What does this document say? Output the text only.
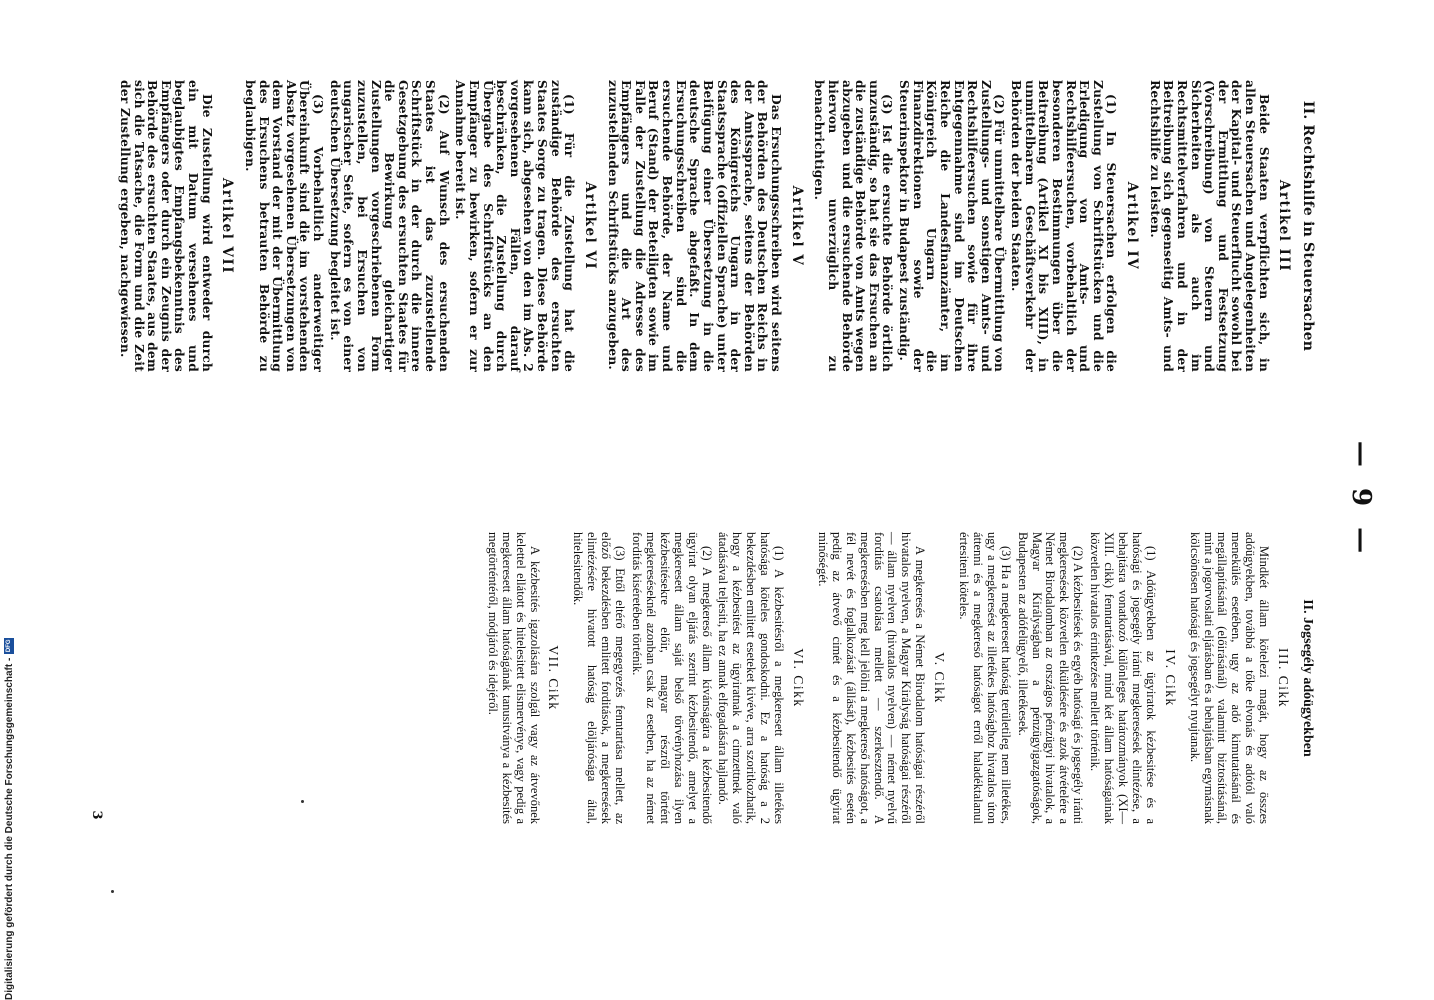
— 9 —
II. Rechtshilfe in Steuersachen
Artikel III

Beide Staaten verpflichten sich, in allen Steuersachen und Angelegenheiten der Kapital- und Steuerflucht sowohl bei der Ermittlung und Festsetzung (Vorschreibung) von Steuern und Sicherheiten als auch im Rechtsmittelverfahren und in der Beitreibung sich gegenseitig Amts- und Rechtshilfe zu leisten.

Artikel IV

(1) In Steuersachen erfolgen die Zustellung von Schriftstücken und die Erledigung von Amts- und Rechtshilfeersuchen, vorbehaltlich der besonderen Bestimmungen über die Beitreibung (Artikel XI bis XIII), in unmittelbarem Geschäftsverkehr der Behörden der beiden Staaten.

(2) Für unmittelbare Übermittlung von Zustellungs- und sonstigen Amts- und Rechtshilfeersuchen sowie für ihre Entgegennahme sind im Deutschen Reiche die Landesfinanzämter, im Königreich Ungarn die Finanzdirektionen sowie der Steuerinspektor in Budapest zuständig.

(3) Ist die ersuchte Behörde örtlich unzuständig, so hat sie das Ersuchen an die zuständige Behörde von Amts wegen abzugeben und die ersuchende Behörde hiervon unverzüglich zu benachrichtigen.

Artikel V

Das Ersuchungsschreiben wird seitens der Behörden des Deutschen Reichs in der Amtssprache, seitens der Behörden des Königreichs Ungarn in der Staatssprache (offiziellen Sprache) unter Beifügung einer Übersetzung in die deutsche Sprache abgefaßt. In dem Ersuchungsschreiben sind die ersuchende Behörde, der Name und Beruf (Stand) der Beteiligten sowie im Falle der Zustellung die Adresse des Empfängers und die Art des zuzustellenden Schriftstücks anzugeben.

Artikel VI

(1) Für die Zustellung hat die zuständige Behörde des ersuchten Staates Sorge zu tragen. Diese Behörde kann sich, abgesehen von den im Abs. 2 vorgesehenen Fällen, darauf beschränken, die Zustellung durch Übergabe des Schriftstücks an den Empfänger zu bewirken, sofern er zur Annahme bereit ist.

(2) Auf Wunsch des ersuchenden Staates ist das zuzustellende Schriftstück in der durch die innere Gesetzgebung des ersuchten Staates für die Bewirkung gleichartiger Zustellungen vorgeschriebenen Form zuzustellen, bei Ersuchen von ungarischer Seite, sofern es von einer deutschen Übersetzung begleitet ist.

(3) Vorbehaltlich anderweitiger Übereinkunft sind die im vorstehenden Absatz vorgesehenen Übersetzungen von dem Vorstand der mit der Übermittlung des Ersuchens betrauten Behörde zu beglaubigen.

Artikel VII

Die Zustellung wird entweder durch ein mit Datum versehenes und beglaubigtes Empfangsbekenntnis des Empfängers oder durch ein Zeugnis der Behörde des ersuchten Staates, aus dem sich die Tatsache, die Form und die Zeit der Zustellung ergeben, nachgewiesen.

II. Jogsegély adóügyekben
III. Cikk

Mindkét állam kötelezi magát, hogy az összes adóügyekben, továbbá a tőke elvonás és adótól való menekülés esetében, ugy az adó kimutatásánál és megállapításánál (előirásánál) valamint biztosításánál, mint a jogorvoslati eljárásban és a behajtásban egymásnak kölcsönösen hatósági és jogsegélyt nyujtanak.

IV. Cikk

(1) Adóügyekben az ügyiratok kézbesitése és a hatósági és jogsegély iránti megkeresések elintézése, a behajtásra vonatkozó különleges határozmányok (XI—XIII. cikk) fenntartásával, mind két állam hatóságainak közvetlen hivatalos érintkezése mellett történik.

(2) A kézbesitések és egyéb hatósági és jogsegély iránti megkeresések közvetlen elküldésére és azok átvételére a Német Birodalomban az országos pénzügyi hivatalok, a Magyar Királyságban a pénzügyigazgatóságok, Budapesten az adófelügyelő, illetékesek.

(3) Ha a megkeresett hatóság területileg nem illetékes, ugy a megkeresést az illetékes hatósághoz hivatalos úton áttenni és a megkereső hatóságot erről haladéktalanul értesiteni köteles.

V. Cikk

A megkeresés a Német Birodalom hatóságai részéről hivatalos nyelven, a Magyar Királyság hatóságai részéről — állam nyelven (hivatalos nyelven) — német nyelvű fordítás csatolása mellett — szerkesztendő. A megkeresésben meg kell jelölni a megkereső hatóságot, a fél nevét és foglalkozását (állását), kézbesités esetén pedig az átvevő cimét és a kézbesitendő ügyirat minőségét.

VI. Cikk

(1) A kézbesitésről a megkeresett állam illetékes hatósága köteles gondoskodni. Ez a hatóság a 2 bekezdésben emlitett eseteket kivéve, arra szoritkozhatik, hogy a kézbesitést az ügyiratnak a cimzettnek való átadásával teljesiti, ha ez annak elfogadására hajlandó.

(2) A megkereső állam kívánságára a kézbesitendő ügyirat olyan eljárás szerint kézbesitendő, amelyet a megkeresett állam saját belső törvényhozása ilyen kézbesitésekre előir, magyar részről történt megkereséseknél azonban csak az esetben, ha az német fordítás kiséretében történik.

(3) Ettől eltérő megegyezés fenntartása mellett, az előző bekezdésben emlitett forditások, a megkeresések elintézésére hivatott hatóság elöljárósága által, hitelesitendők.

VII. Cikk

A kézbesités igazolására szolgál vagy az átvevőnek kelettel ellátott és hitelesitett elismervénye, vagy pedig a megkeresett állam hatóságának tanusitványa a kézbesités megtörténtéről, módjáról és idejéről.

3
Digitalisierung gefördert durch die Deutsche Forschungsgemeinschaft -
DFG
